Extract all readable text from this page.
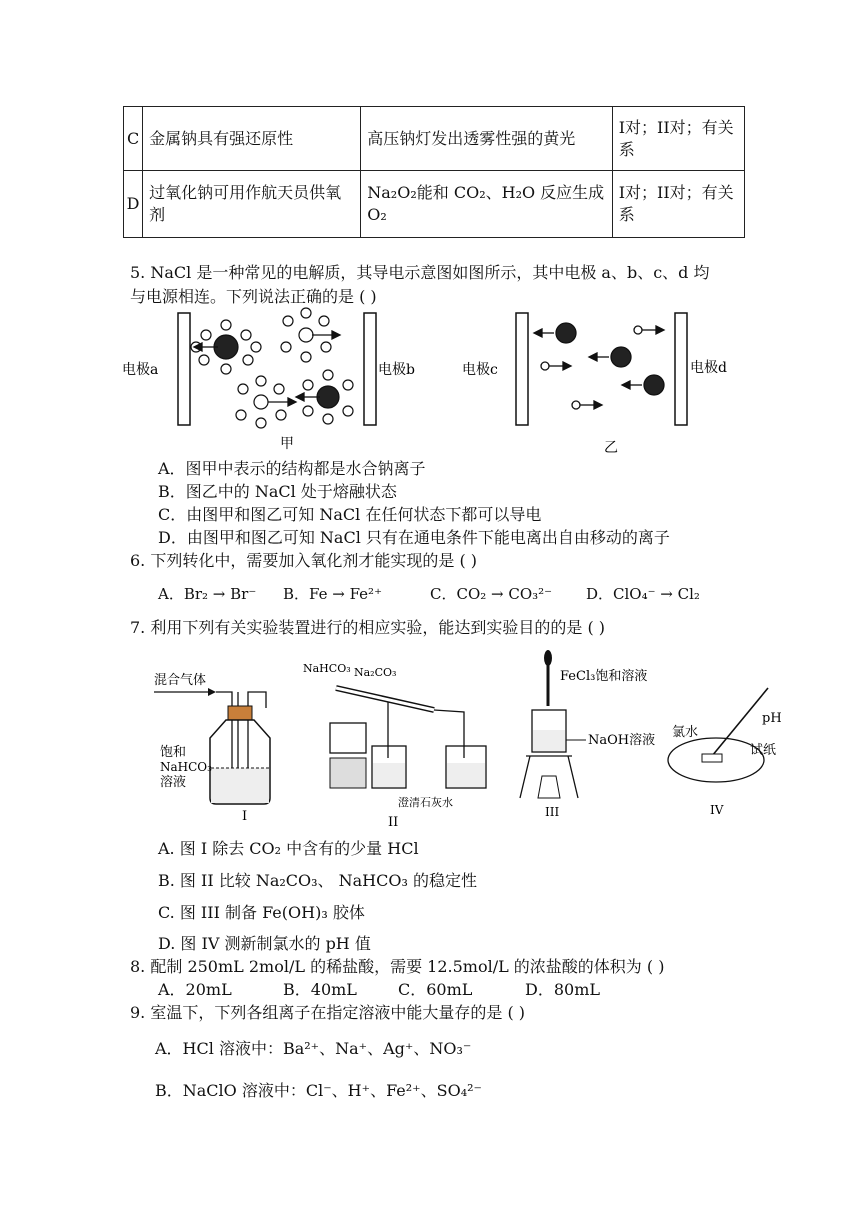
C	金属钠具有强还原性	高压钠灯发出透雾性强的黄光	I对；II对；有关系
D	过氧化钠可用作航天员供氧剂	Na₂O₂能和 CO₂、H₂O 反应生成 O₂	I对；II对；有关系
5. NaCl 是一种常见的电解质，其导电示意图如图所示，其中电极 a、b、c、d 均
与电源相连。下列说法正确的是 ( )
电极a	电极b
甲
电极c	电极d
乙
A．图甲中表示的结构都是水合钠离子
B．图乙中的 NaCl 处于熔融状态
C．由图甲和图乙可知 NaCl 在任何状态下都可以导电
D．由图甲和图乙可知 NaCl 只有在通电条件下能电离出自由移动的离子
6. 下列转化中，需要加入氧化剂才能实现的是 ( )
A．Br₂ → Br⁻ B．Fe → Fe²⁺	C．CO₂ → CO₃²⁻ D．ClO₄⁻ → Cl₂
7. 利用下列有关实验装置进行的相应实验，能达到实验目的的是 ( )
混合气体
饱和
NaHCO₃
溶液
I
NaHCO₃ Na₂CO₃
澄清石灰水
II
FeCl₃饱和溶液
NaOH溶液
III
氯水
pH
试纸
IV
A. 图 I 除去 CO₂ 中含有的少量 HCl
B. 图 II 比较 Na₂CO₃、 NaHCO₃ 的稳定性
C. 图 III 制备 Fe(OH)₃ 胶体
D. 图 IV 测新制氯水的 pH 值
8. 配制 250mL 2mol/L 的稀盐酸，需要 12.5mol/L 的浓盐酸的体积为 ( )
A．20mL	B．40mL	C．60mL	D．80mL
9. 室温下，下列各组离子在指定溶液中能大量存的是 ( )
A．HCl 溶液中：Ba²⁺、Na⁺、Ag⁺、NO₃⁻
B．NaClO 溶液中：Cl⁻、H⁺、Fe²⁺、SO₄²⁻
